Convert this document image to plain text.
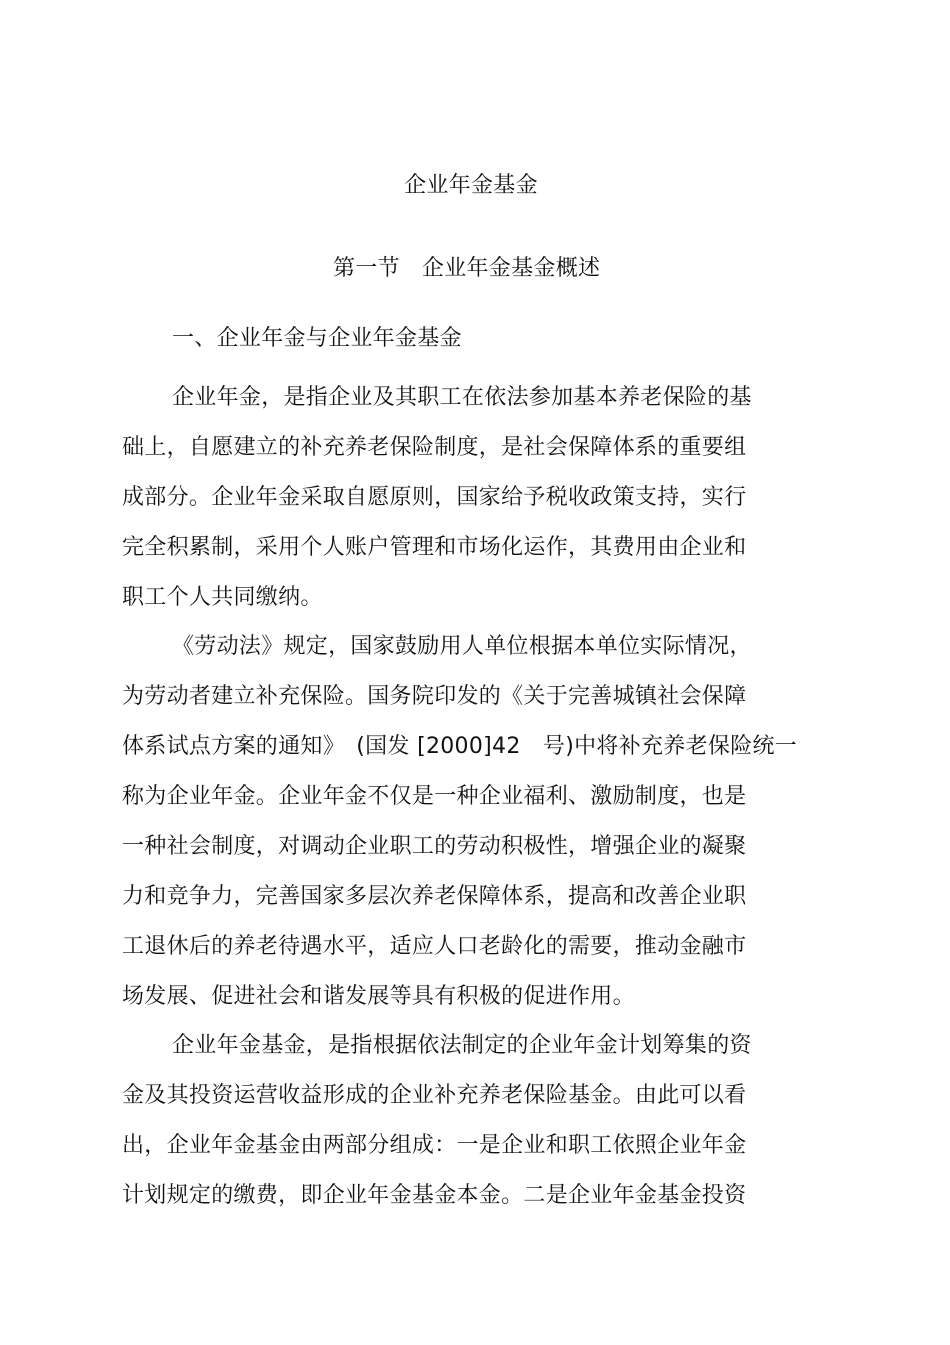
企业年金基金
第一节 企业年金基金概述
一、企业年金与企业年金基金
企业年金，是指企业及其职工在依法参加基本养老保险的基
础上，自愿建立的补充养老保险制度，是社会保障体系的重要组
成部分。企业年金采取自愿原则，国家给予税收政策支持，实行
完全积累制，采用个人账户管理和市场化运作，其费用由企业和
职工个人共同缴纳。
《劳动法》规定，国家鼓励用人单位根据本单位实际情况，
为劳动者建立补充保险。国务院印发的《关于完善城镇社会保障
体系试点方案的通知》　(国发 [2000]42　号)中将补充养老保险统一
称为企业年金。企业年金不仅是一种企业福利、激励制度，也是
一种社会制度，对调动企业职工的劳动积极性，增强企业的凝聚
力和竞争力，完善国家多层次养老保障体系，提高和改善企业职
工退休后的养老待遇水平，适应人口老龄化的需要，推动金融市
场发展、促进社会和谐发展等具有积极的促进作用。
企业年金基金，是指根据依法制定的企业年金计划筹集的资
金及其投资运营收益形成的企业补充养老保险基金。由此可以看
出，企业年金基金由两部分组成：一是企业和职工依照企业年金
计划规定的缴费，即企业年金基金本金。二是企业年金基金投资
